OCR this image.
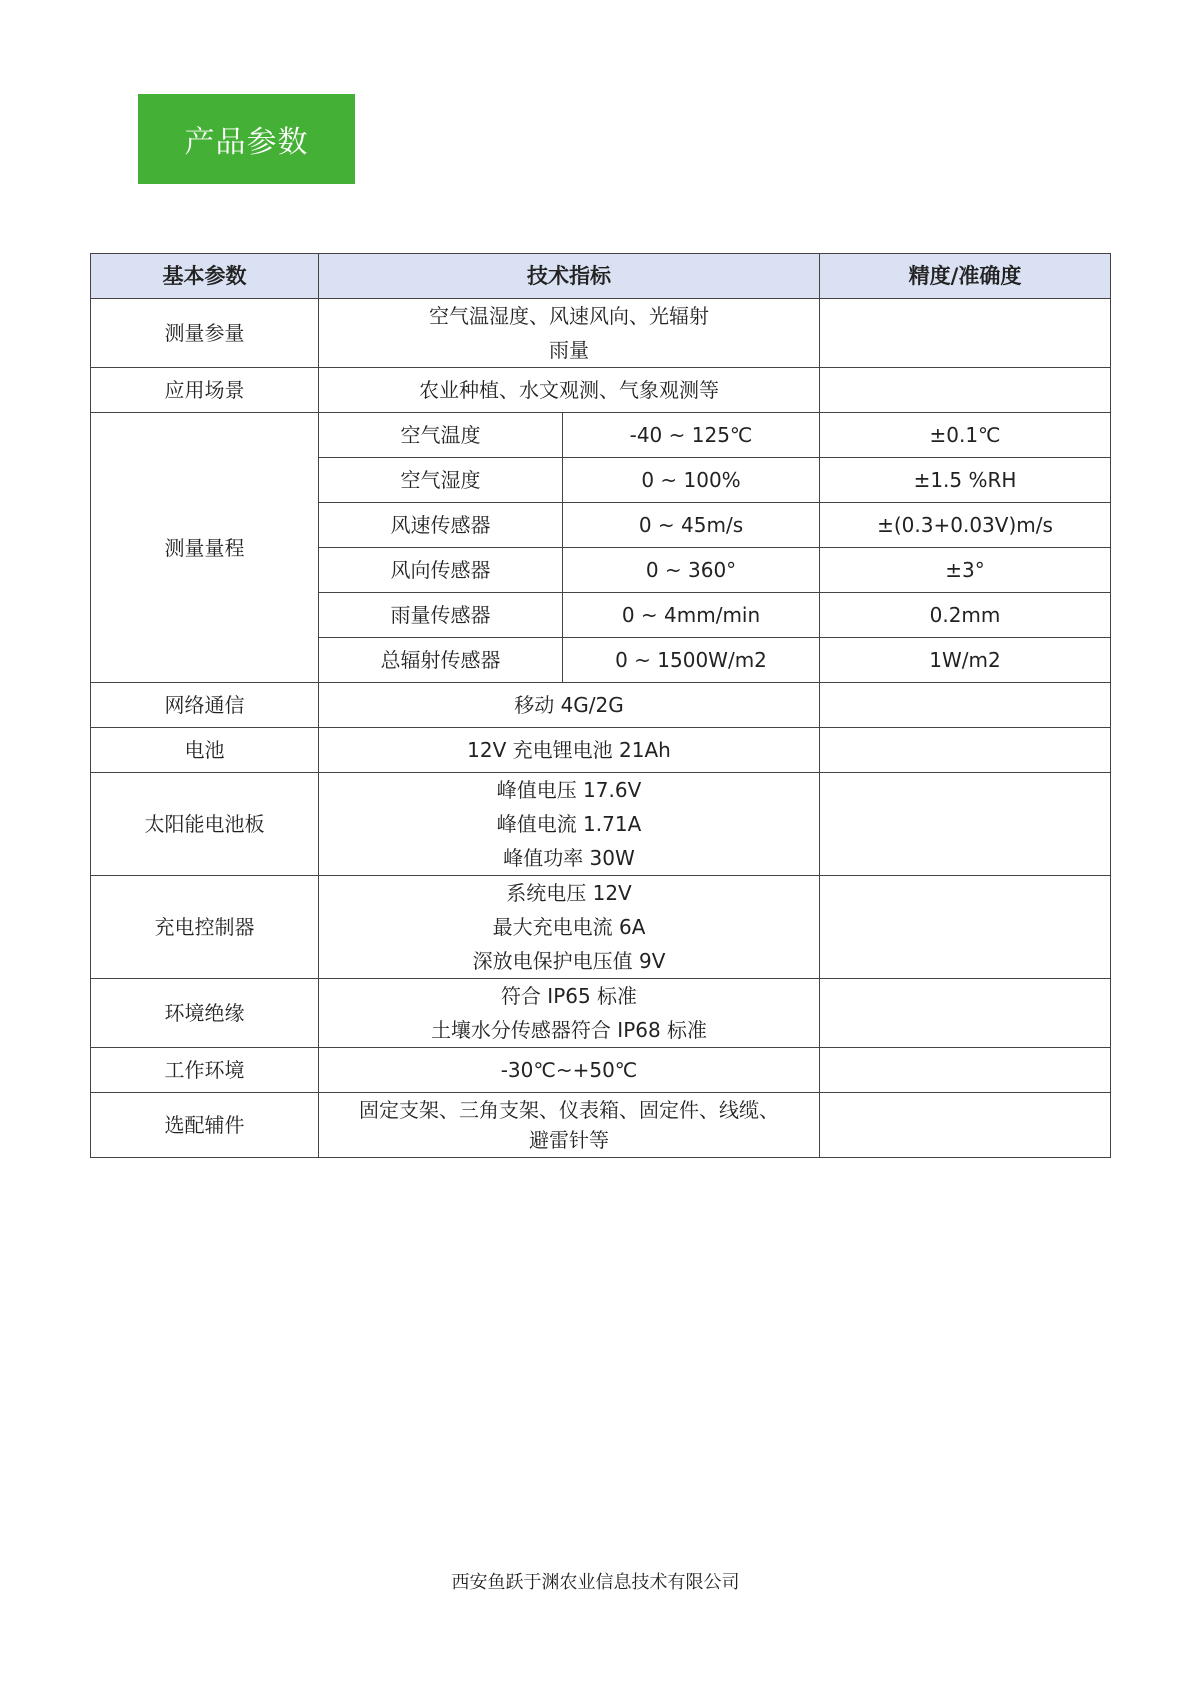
产品参数
基本参数	技术指标		精度/准确度
测量参量	空气温湿度、风速风向、光辐射
雨量		

应用场景	农业种植、水文观测、气象观测等		
测量量程	空气温度	-40 ~ 125℃	±0.1℃
	空气湿度	0 ~ 100%	±1.5 %RH
	风速传感器	0 ~ 45m/s	±(0.3+0.03V)m/s
	风向传感器	0 ~ 360°	±3°
	雨量传感器	0 ~ 4mm/min	0.2mm
	总辐射传感器	0 ~ 1500W/m2	1W/m2
网络通信	移动 4G/2G		
电池	12V 充电锂电池 21Ah		
太阳能电池板	峰值电压 17.6V
峰值电流 1.71A
峰值功率 30W		

充电控制器	系统电压 12V
最大充电电流 6A
深放电保护电压值 9V		

环境绝缘	符合 IP65 标准
土壤水分传感器符合 IP68 标准		

工作环境	-30℃~+50℃		
选配辅件	固定支架、三角支架、仪表箱、固定件、线缆、
避雷针等		

西安鱼跃于渊农业信息技术有限公司
